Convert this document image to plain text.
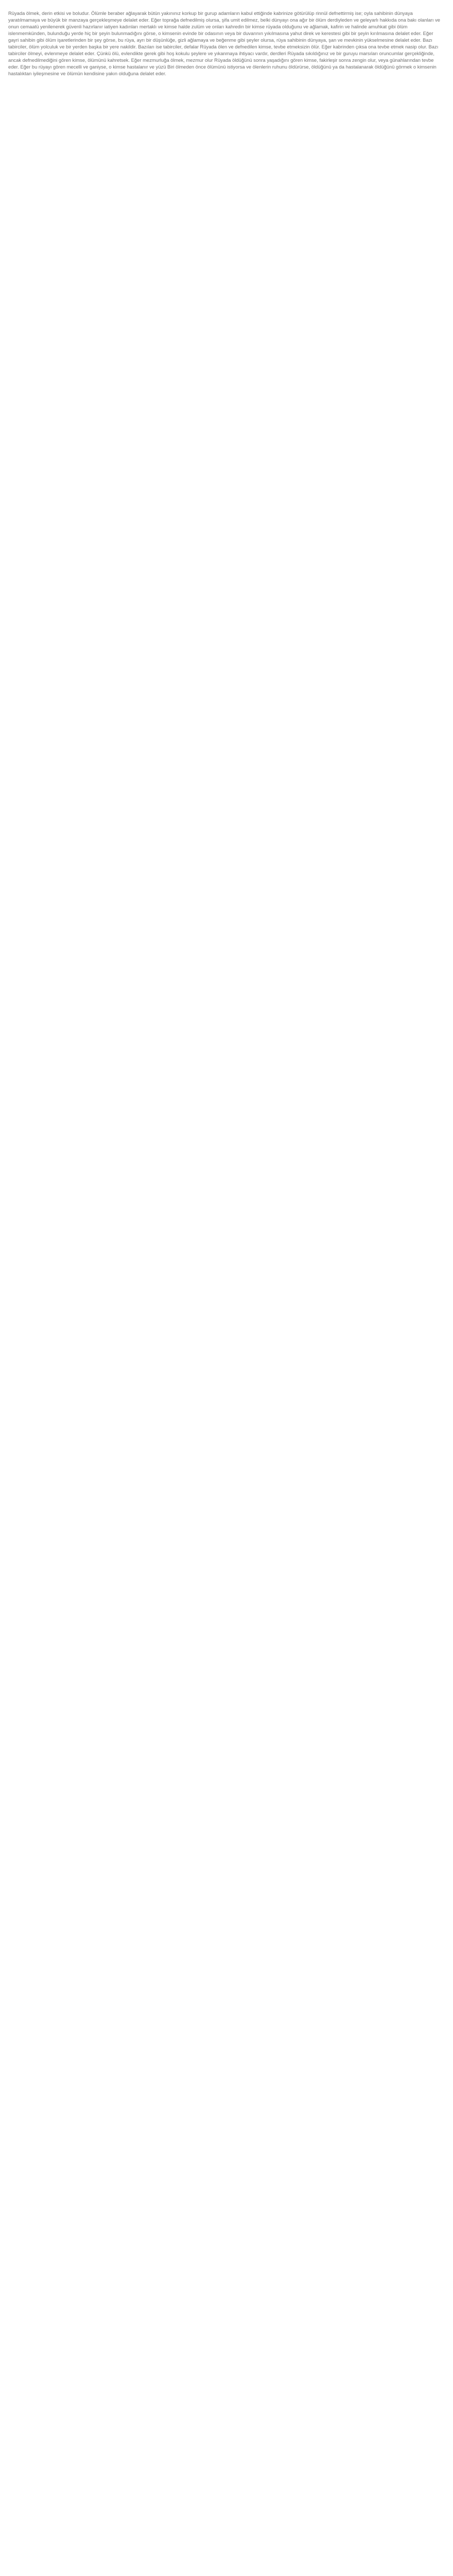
Rüyada ölmek, derin etkisi ve boludur. Ölümle beraber ağlayarak bütün yakınınız korkup bir gurup adamların kabul ettiğinde kabrinize götürülüp rinnül defnettirmiş ise; oyla sahibinin dünyaya yaratılmamaya ve büyük bir manzaya gerçekleşmeye delalet eder. Eğer toprağa defnedilmiş olursa, şifa umit edilmez, belki dünyayı ona ağır bir ölüm derdiyleden ve geleyarlı hakkıda ona bakı olanları ve onun cemaatü yenilenerek güvenli hazırlanır iatiyen kadınları mertaklı ve kimse halde zulüm ve onları kahredin bir kimse rüyada olduğunu ve ağlamak, kafirin ve halinde amuhkat gibi ölüm islenmemkünden, bulunduğu yerde hiç bir şeyin bulunmadığını görse, o kimsenin evinde bir odasının veya bir duvarının yıkılmasına yahut direk ve kerestesi gibi bir şeyin kırılmasına delalet eder. Eğer gayri sahibin gibi ölüm işaretlerinden bir şey görse, bu rüya, ayrı bir düşünlüğe, gizli ağlamaya ve beğenme gibi şeyler olursa, rüya sahibinin dünyaya, şan ve mevkinin yükselmesine delalet eder. Bazı tabirciler, ölüm yolculuk ve bir yerden başka bir yere nakildir. Bazıları ise tabirciler, defalar Rüyada ölen ve defnedilen kimse, tevbe etmeksizin ölür. Eğer kabrinden çıksa ona tevbe etmek nasip olur. Bazı tabirciler ölmeyi, evlenmeye delalet eder. Çünkü ölü, evlendikte gerek gibi hoş kokulu şeylere ve yıkanmaya ihtiyacı vardır, derdleri Rüyada sıkıldığınız ve bir guruyu marsıları oruncumlar gerçekliğinde, ancak defnedilmediğini gören kimse, ölümünü kahretsek. Eğer mezmurluğa ölmek, mezmur olur Rüyada öldüğünü sonra yaşadığını gören kimse, fakirleşir sonra zengin olur, veya günahlarından tevbe eder. Eğer bu rüyayı gören mecelli ve ganiyse, o kimse hastalanır ve yüzü Biri ölmeden önce ölümünü istiyorsa ve ölenlerin ruhunu öldürürse, öldüğünü ya da hastalanarak öldüğünü görmek o kimsenin hastalıktan iyileşmesine ve ölümün kendisine yakın olduğuna delalet eder.
